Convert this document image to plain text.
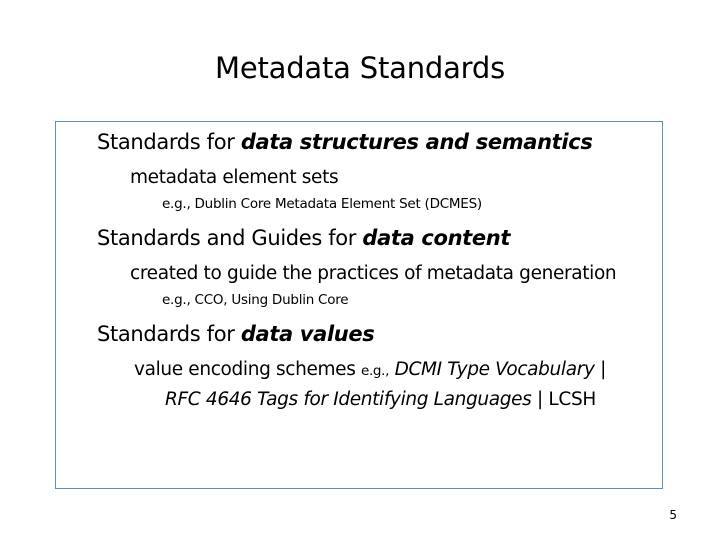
Metadata Standards
Standards for data structures and semantics
metadata element sets
e.g., Dublin Core Metadata Element Set (DCMES)
Standards and Guides for data content
created to guide the practices of metadata generation
e.g., CCO, Using Dublin Core
Standards for data values
value encoding schemes e.g., DCMI Type Vocabulary |
RFC 4646 Tags for Identifying Languages | LCSH
5
